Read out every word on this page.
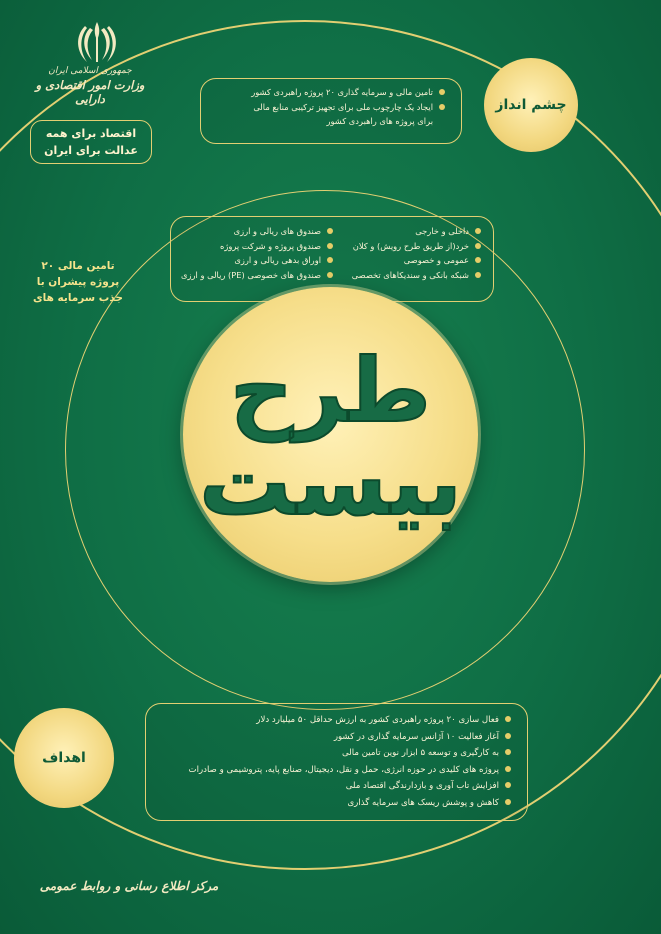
جمهوری اسلامی ایران
وزارت امور اقتصادی و دارایی
اقتصاد برای همه
عدالت برای ایران
چشم انداز
تامین مالی و سرمایه گذاری ۲۰ پروژه راهبردی کشور
ایجاد یک چارچوب ملی برای تجهیز ترکیبی منابع مالی
برای پروژه های راهبردی کشور
تامین مالی ۲۰
پروژه پیشران با
جذب سرمایه های
داخلی و خارجی
خرد(از طریق طرح رویش) و کلان
عمومی و خصوصی
شبکه بانکی و سندیکاهای تخصصی
صندوق های ریالی و ارزی
صندوق پروژه و شرکت پروژه
اوراق بدهی ریالی و ارزی
صندوق های خصوصی (PE) ریالی و ارزی
طرح
بیست
اهداف
فعال سازی ۲۰ پروژه راهبردی کشور به ارزش حداقل ۵۰ میلیارد دلار
آغاز فعالیت ۱۰ آژانس سرمایه گذاری در کشور
به کارگیری و توسعه ۵ ابزار نوین تامین مالی
پروژه های کلیدی در حوزه انرژی، حمل و نقل، دیجیتال، صنایع پایه، پتروشیمی و صادرات
افزایش تاب آوری و بازدارندگی اقتصاد ملی
کاهش و پوشش ریسک های سرمایه گذاری
مرکز اطلاع رسانی و روابط عمومی
